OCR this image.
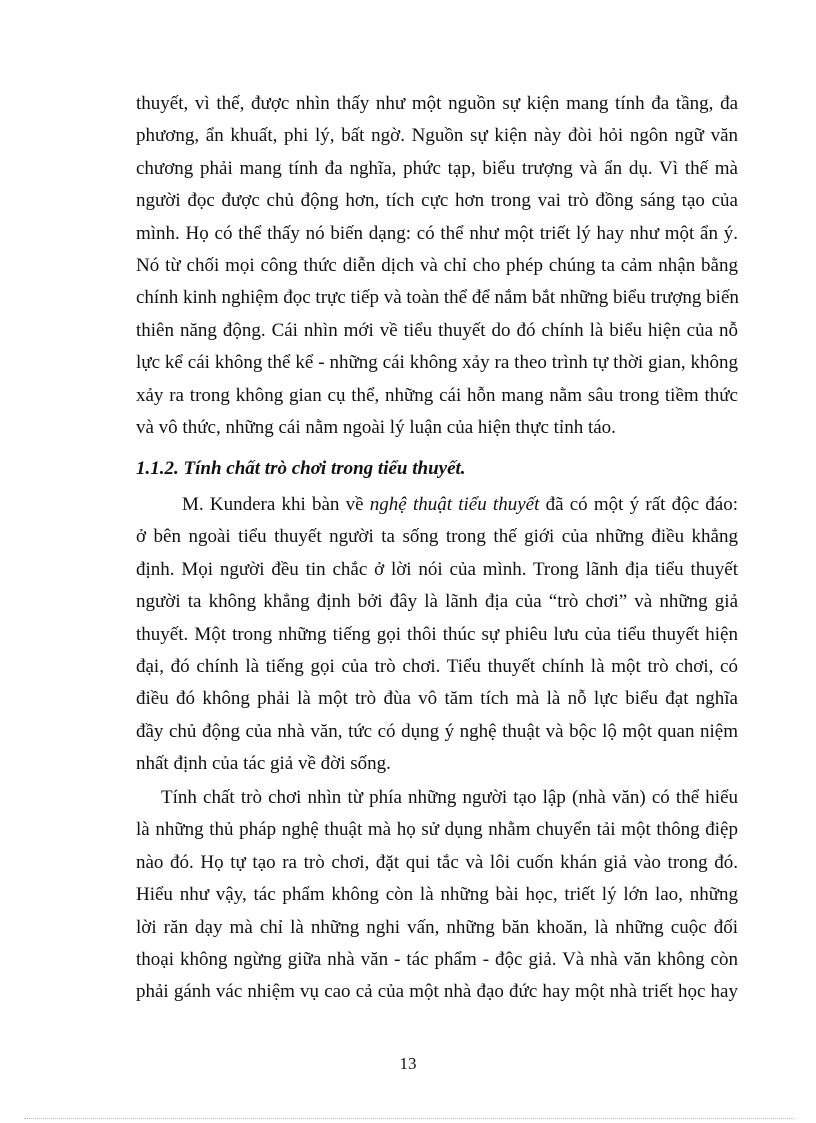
thuyết, vì thế, được nhìn thấy như một nguồn sự kiện mang tính đa tầng, đa
phương, ẩn khuất, phi lý, bất ngờ. Nguồn sự kiện này đòi hỏi ngôn ngữ văn
chương phải mang tính đa nghĩa, phức tạp, biểu trượng và ẩn dụ. Vì thế mà
người đọc được chủ động hơn, tích cực hơn trong vai trò đồng sáng tạo của
mình. Họ có thể thấy nó biến dạng: có thể như một triết lý hay như một ẩn ý.
Nó từ chối mọi công thức diễn dịch và chỉ cho phép chúng ta cảm nhận bằng
chính kinh nghiệm đọc trực tiếp và toàn thể để nắm bắt những biểu trượng biến
thiên năng động. Cái nhìn mới về tiểu thuyết do đó chính là biểu hiện của nỗ
lực kể cái không thể kể - những cái không xảy ra theo trình tự thời gian, không
xảy ra trong không gian cụ thể, những cái hỗn mang nằm sâu trong tiềm thức
và vô thức, những cái nằm ngoài lý luận của hiện thực tỉnh táo.
1.1.2. Tính chất trò chơi trong tiểu thuyết.
M. Kundera khi bàn về nghệ thuật tiểu thuyết đã có một ý rất độc đáo:
ở bên ngoài tiểu thuyết người ta sống trong thế giới của những điều khẳng
định. Mọi người đều tin chắc ở lời nói của mình. Trong lãnh địa tiểu thuyết
người ta không khẳng định bởi đây là lãnh địa của “trò chơi” và những giả
thuyết. Một trong những tiếng gọi thôi thúc sự phiêu lưu của tiểu thuyết hiện
đại, đó chính là tiếng gọi của trò chơi. Tiểu thuyết chính là một trò chơi, có
điều đó không phải là một trò đùa vô tăm tích mà là nỗ lực biểu đạt nghĩa
đầy chủ động của nhà văn, tức có dụng ý nghệ thuật và bộc lộ một quan niệm
nhất định của tác giả về đời sống.
Tính chất trò chơi nhìn từ phía những người tạo lập (nhà văn) có thể hiểu
là những thủ pháp nghệ thuật mà họ sử dụng nhằm chuyển tải một thông điệp
nào đó. Họ tự tạo ra trò chơi, đặt qui tắc và lôi cuốn khán giả vào trong đó.
Hiểu như vậy, tác phẩm không còn là những bài học, triết lý lớn lao, những
lời răn dạy mà chỉ là những nghi vấn, những băn khoăn, là những cuộc đối
thoại không ngừng giữa nhà văn - tác phẩm - độc giả. Và nhà văn không còn
phải gánh vác nhiệm vụ cao cả của một nhà đạo đức hay một nhà triết học hay
13
